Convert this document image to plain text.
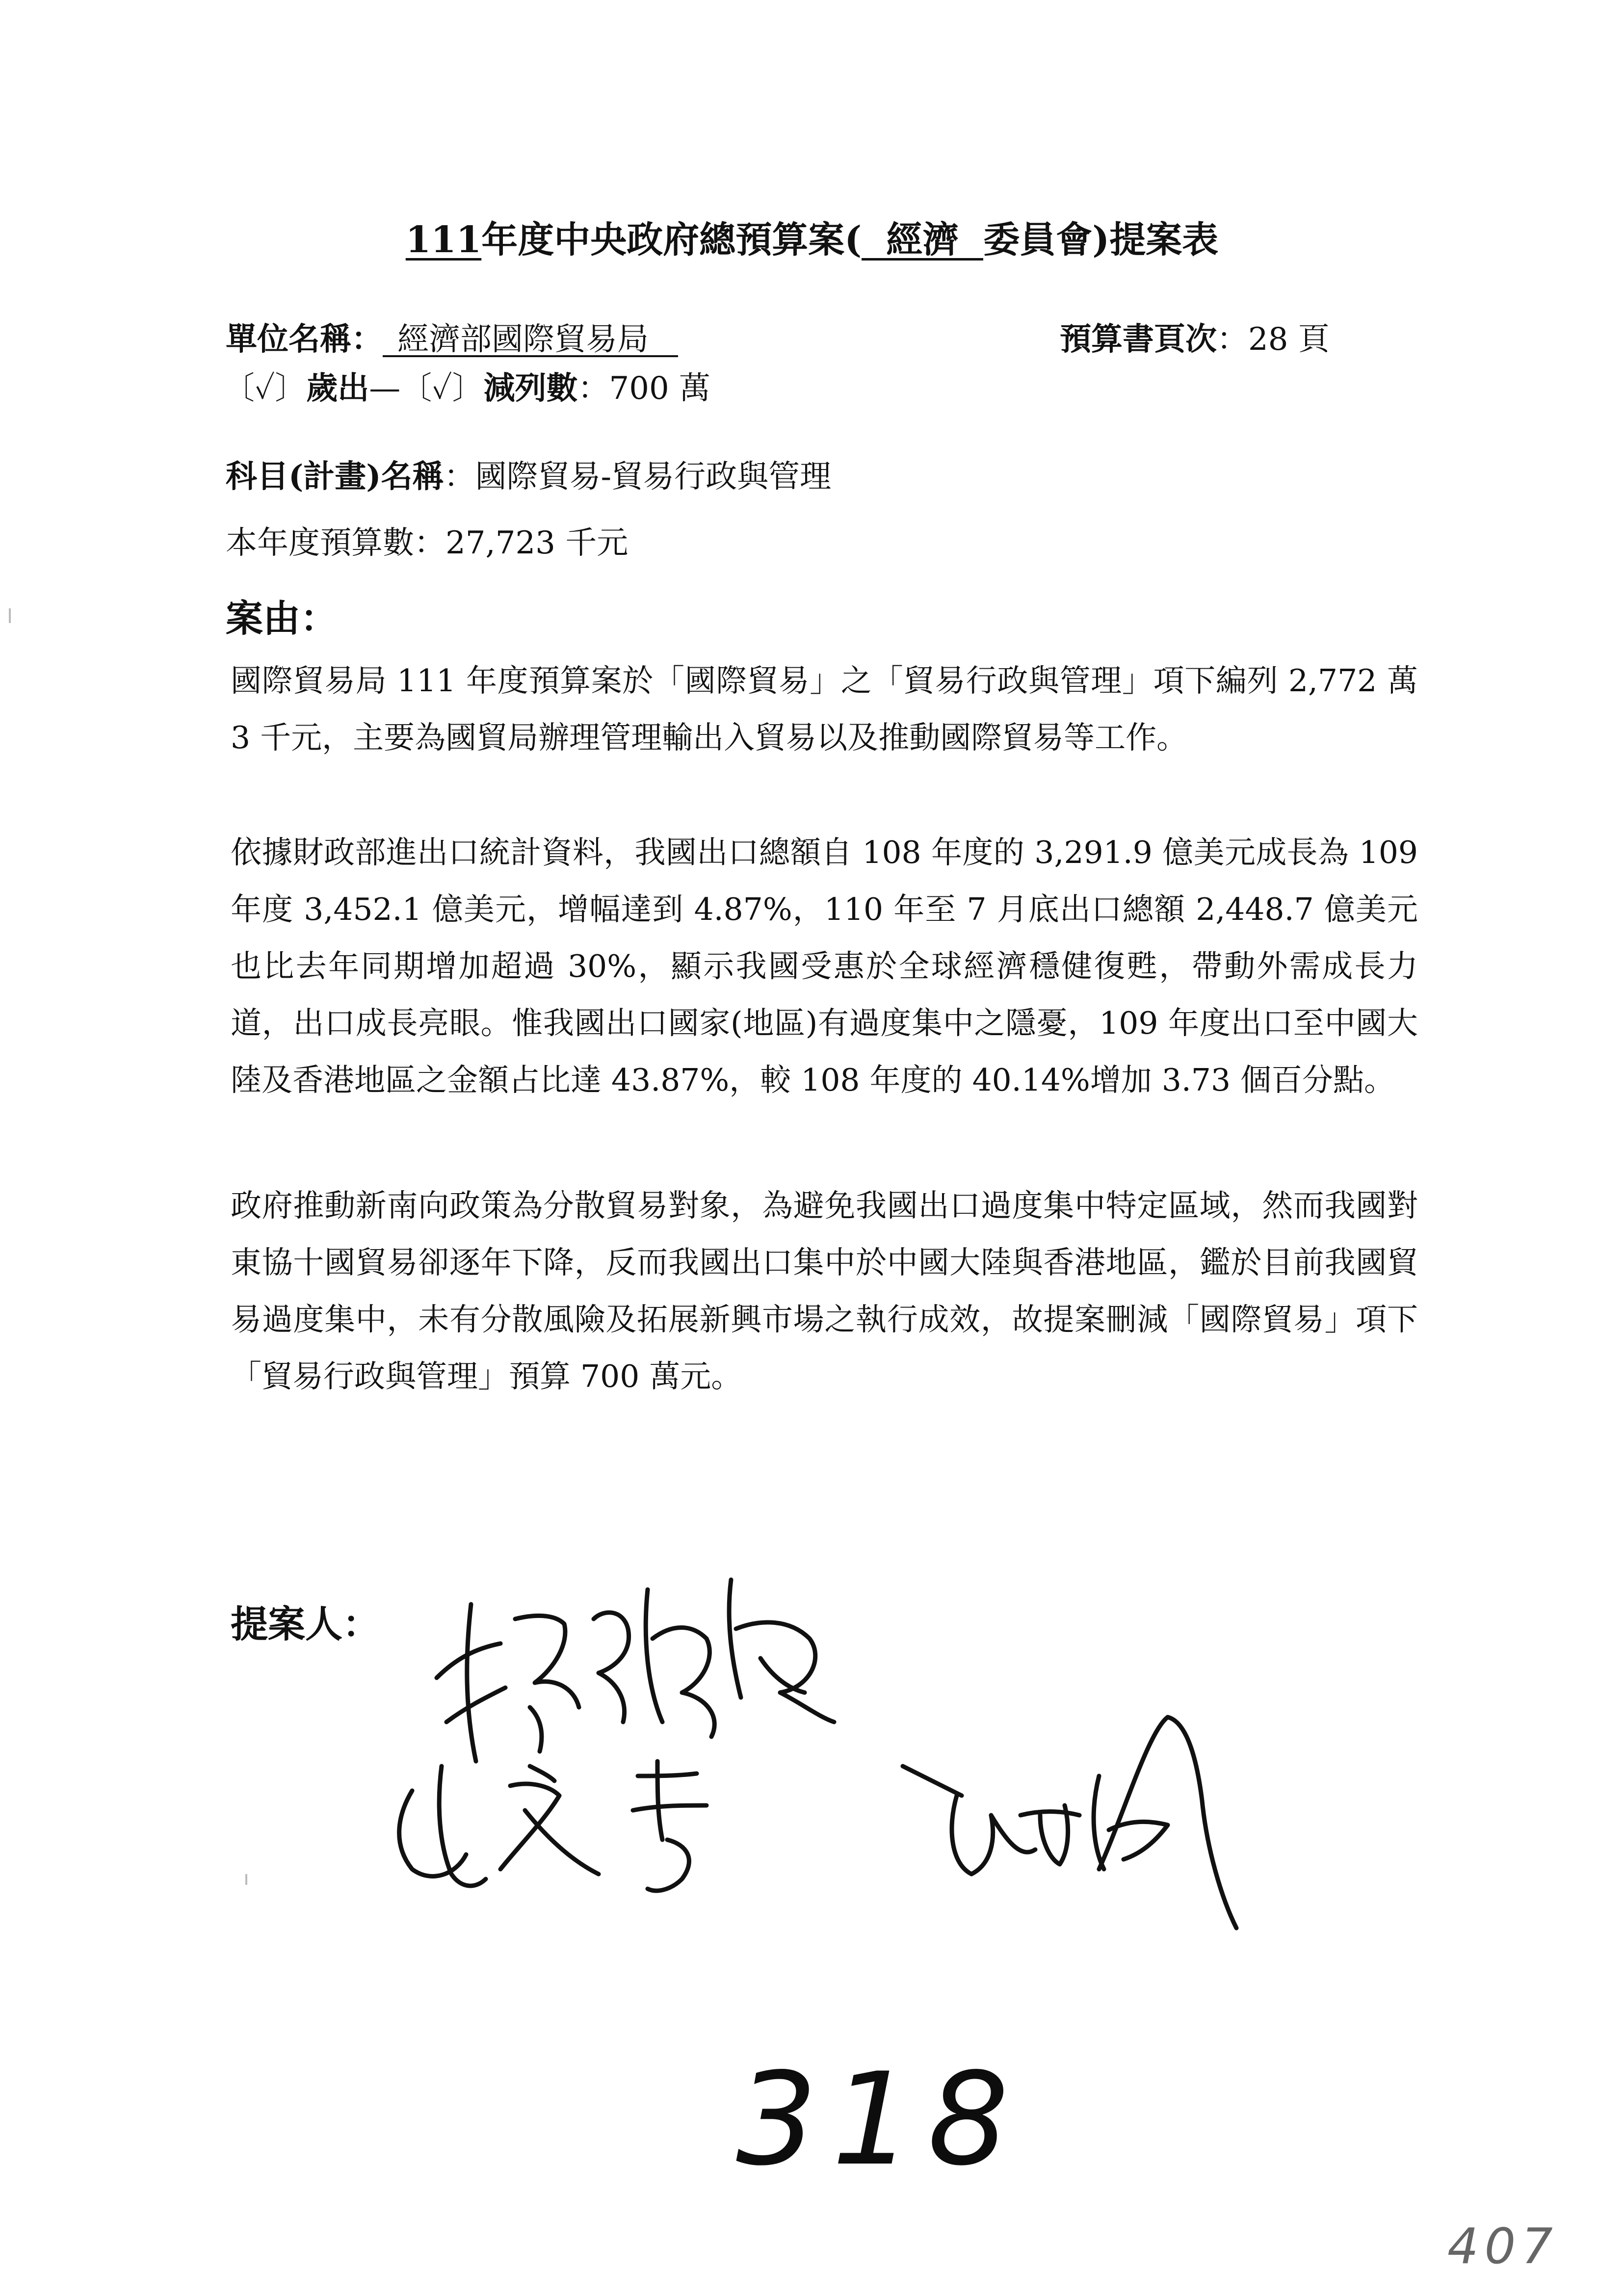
111年度中央政府總預算案( 經濟 委員會)提案表
單位名稱： 經濟部國際貿易局	預算書頁次：28 頁
〔✓〕歲出—〔✓〕減列數：700 萬
科目(計畫)名稱：國際貿易-貿易行政與管理
本年度預算數：27,723 千元
案由：
國際貿易局 111 年度預算案於「國際貿易」之「貿易行政與管理」項下編列 2,772 萬 3 千元，主要為國貿局辦理管理輸出入貿易以及推動國際貿易等工作。
依據財政部進出口統計資料，我國出口總額自 108 年度的 3,291.9 億美元成長為 109 年度 3,452.1 億美元，增幅達到 4.87%，110 年至 7 月底出口總額 2,448.7 億美元也比去年同期增加超過 30%，顯示我國受惠於全球經濟穩健復甦，帶動外需成長力道，出口成長亮眼。惟我國出口國家(地區)有過度集中之隱憂，109 年度出口至中國大陸及香港地區之金額占比達 43.87%，較 108 年度的 40.14%增加 3.73 個百分點。
政府推動新南向政策為分散貿易對象，為避免我國出口過度集中特定區域，然而我國對東協十國貿易卻逐年下降，反而我國出口集中於中國大陸與香港地區，鑑於目前我國貿易過度集中，未有分散風險及拓展新興市場之執行成效，故提案刪減「國際貿易」項下「貿易行政與管理」預算 700 萬元。
提案人：
318
407
